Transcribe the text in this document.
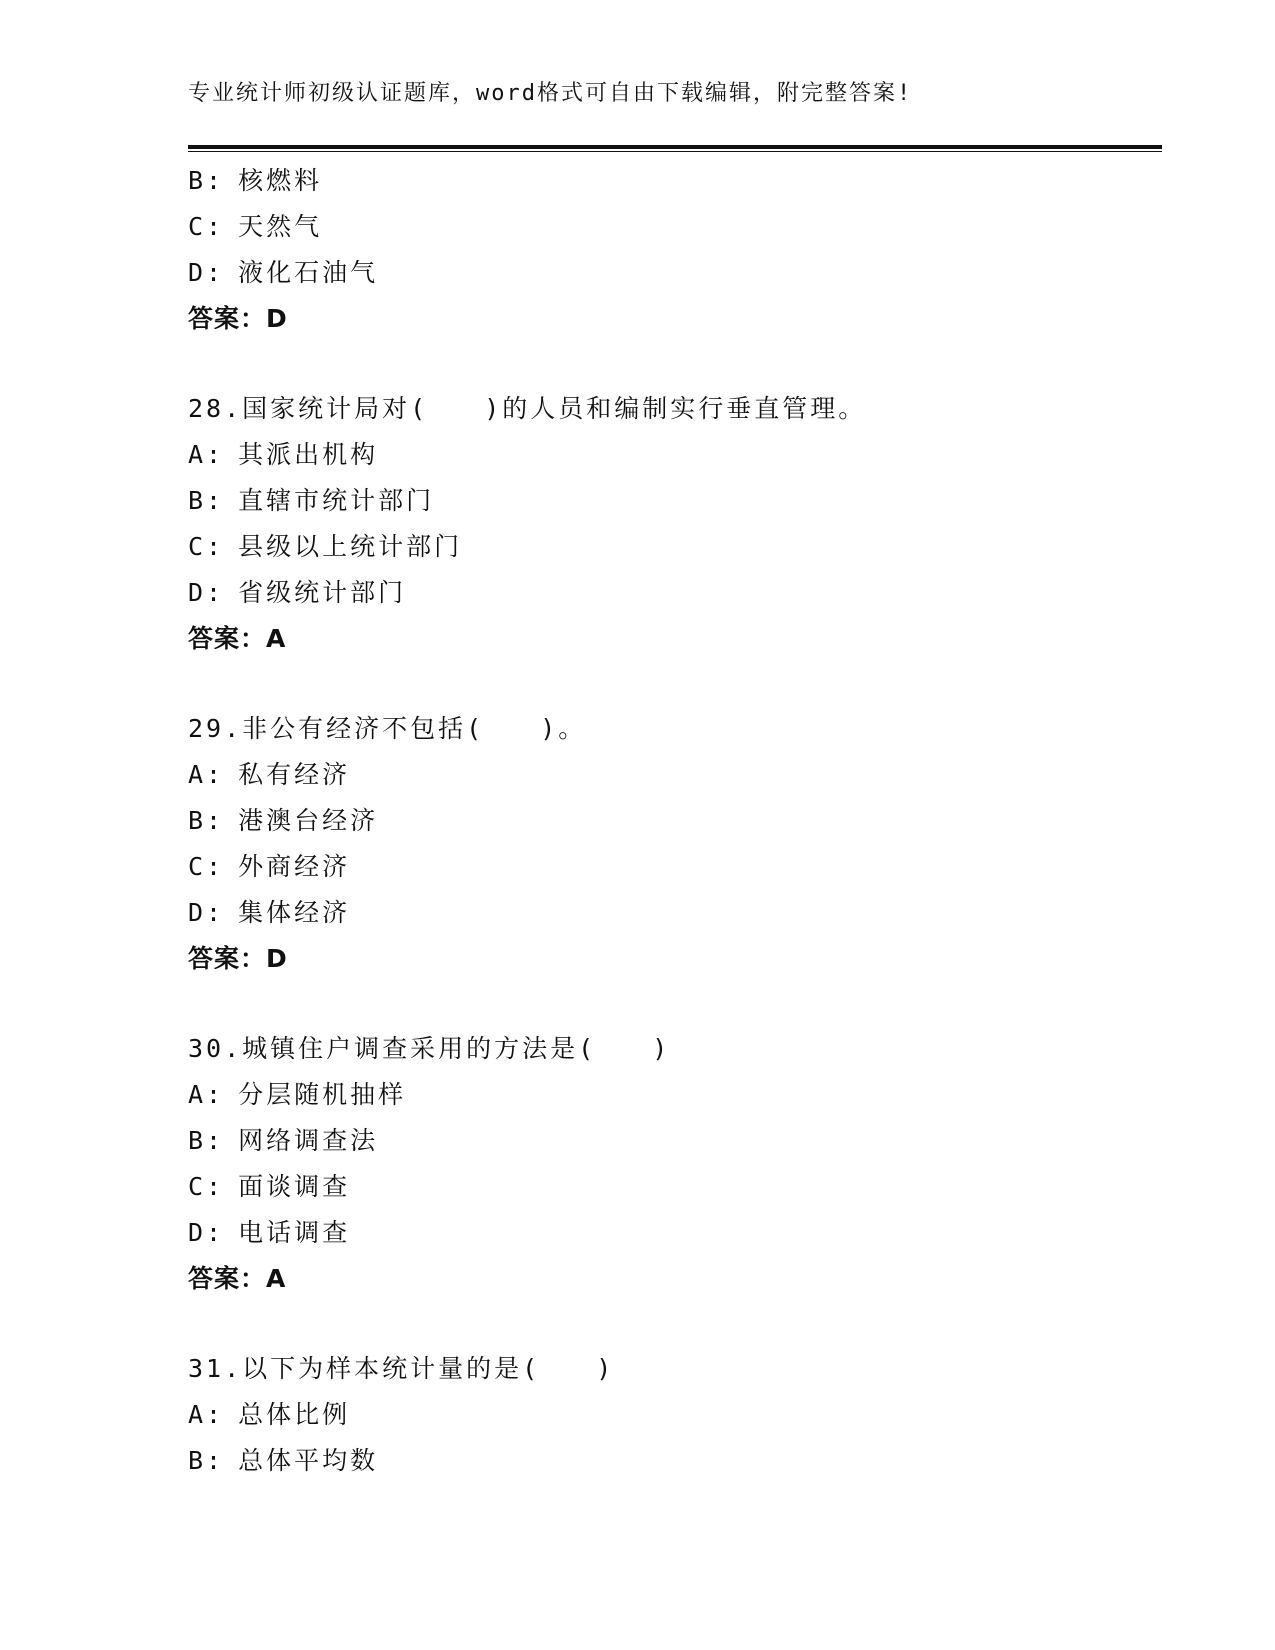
专业统计师初级认证题库，word格式可自由下载编辑，附完整答案!
B: 核燃料
C: 天然气
D: 液化石油气
答案：D
28.国家统计局对(　　)的人员和编制实行垂直管理。
A: 其派出机构
B: 直辖市统计部门
C: 县级以上统计部门
D: 省级统计部门
答案：A
29.非公有经济不包括(　　)。
A: 私有经济
B: 港澳台经济
C: 外商经济
D: 集体经济
答案：D
30.城镇住户调查采用的方法是(　　)
A: 分层随机抽样
B: 网络调查法
C: 面谈调查
D: 电话调查
答案：A
31.以下为样本统计量的是(　　)
A: 总体比例
B: 总体平均数
